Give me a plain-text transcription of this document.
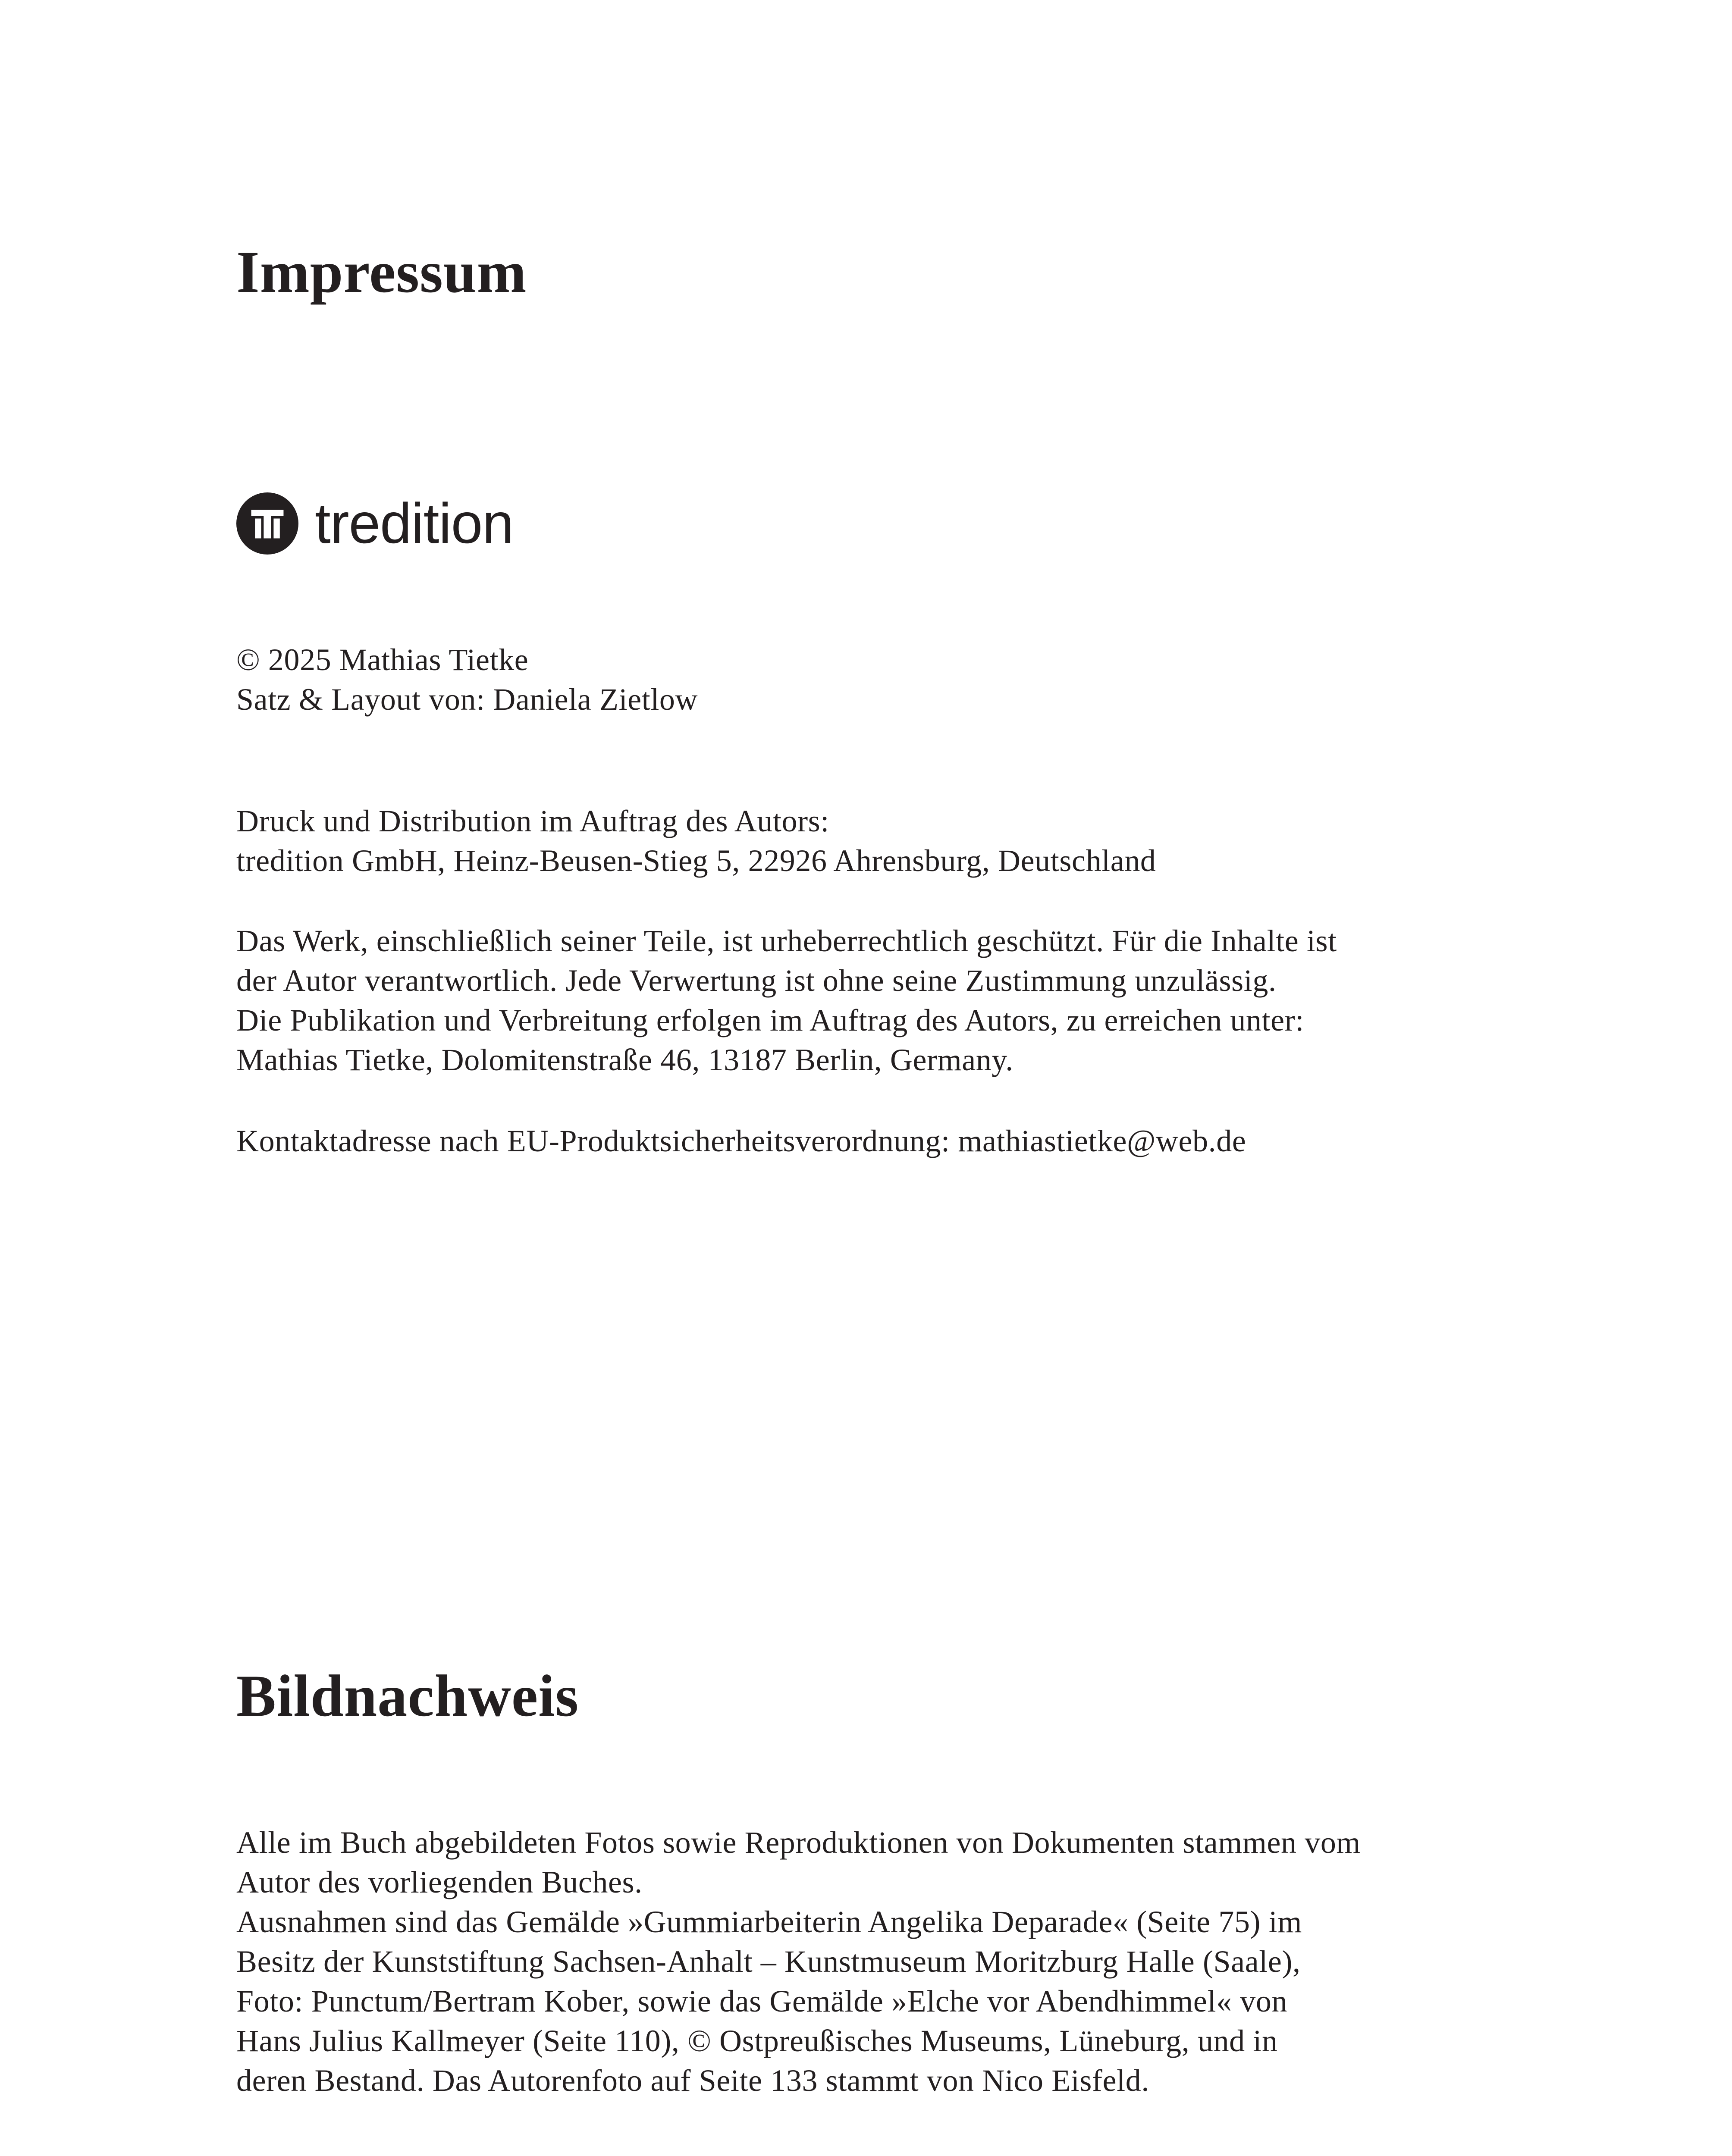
Impressum
tredition
© 2025 Mathias Tietke
Satz & Layout von: Daniela Zietlow
Druck und Distribution im Auftrag des Autors:
tredition GmbH, Heinz-Beusen-Stieg 5, 22926 Ahrensburg, Deutschland
Das Werk, einschließlich seiner Teile, ist urheberrechtlich geschützt. Für die Inhalte ist
der Autor verantwortlich. Jede Verwertung ist ohne seine Zustimmung unzulässig.
Die Publikation und Verbreitung erfolgen im Auftrag des Autors, zu erreichen unter:
Mathias Tietke, Dolomitenstraße 46, 13187 Berlin, Germany.
Kontaktadresse nach EU-Produktsicherheitsverordnung: mathiastietke@web.de
Bildnachweis
Alle im Buch abgebildeten Fotos sowie Reproduktionen von Dokumenten stammen vom
Autor des vorliegenden Buches.
Ausnahmen sind das Gemälde »Gummiarbeiterin Angelika Deparade« (Seite 75) im
Besitz der Kunststiftung Sachsen-Anhalt – Kunstmuseum Moritzburg Halle (Saale),
Foto: Punctum/Bertram Kober, sowie das Gemälde »Elche vor Abendhimmel« von
Hans Julius Kallmeyer (Seite 110), © Ostpreußisches Museums, Lüneburg, und in
deren Bestand. Das Autorenfoto auf Seite 133 stammt von Nico Eisfeld.
